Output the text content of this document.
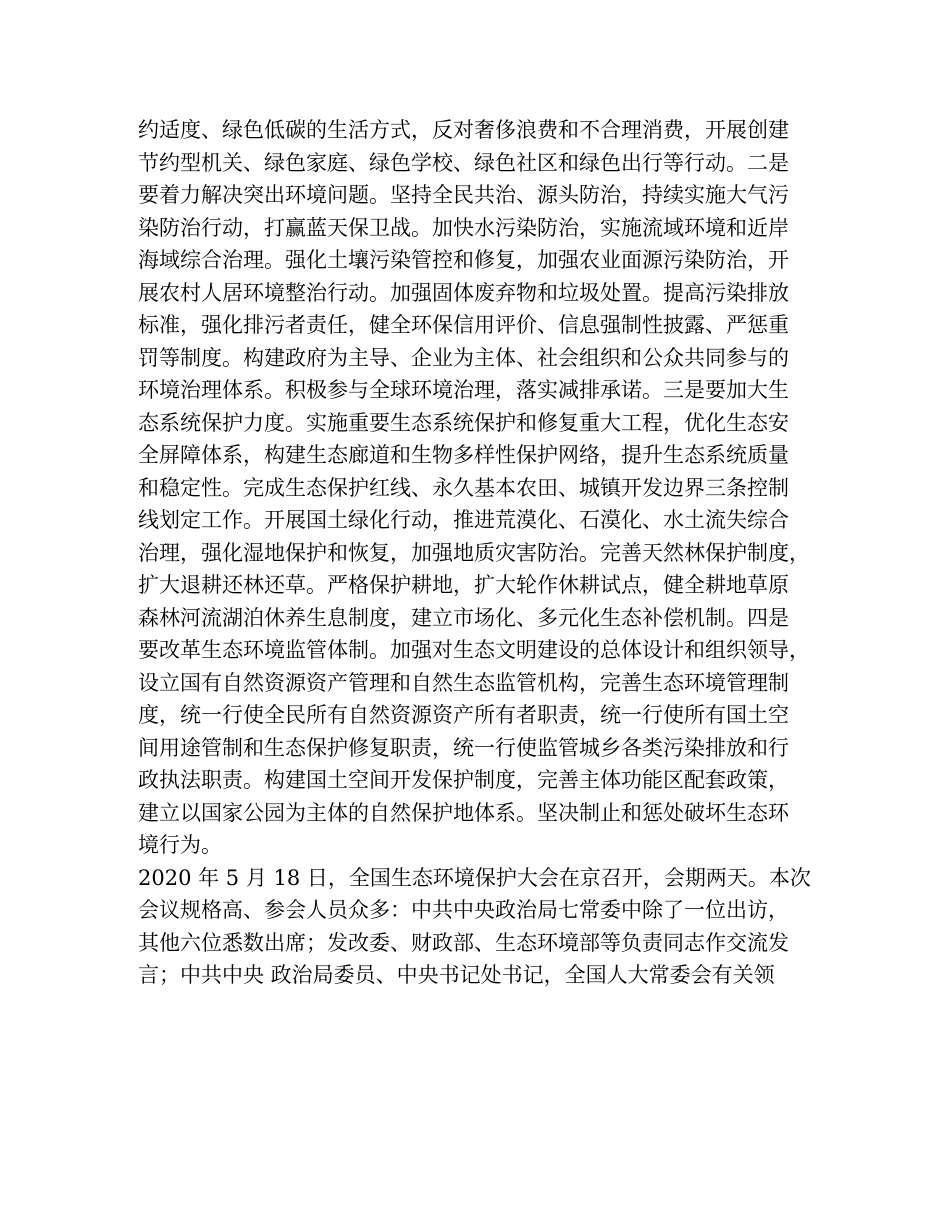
约适度、绿色低碳的生活方式，反对奢侈浪费和不合理消费，开展创建
节约型机关、绿色家庭、绿色学校、绿色社区和绿色出行等行动。二是
要着力解决突出环境问题。坚持全民共治、源头防治，持续实施大气污
染防治行动，打赢蓝天保卫战。加快水污染防治，实施流域环境和近岸
海域综合治理。强化土壤污染管控和修复，加强农业面源污染防治，开
展农村人居环境整治行动。加强固体废弃物和垃圾处置。提高污染排放
标准，强化排污者责任，健全环保信用评价、信息强制性披露、严惩重
罚等制度。构建政府为主导、企业为主体、社会组织和公众共同参与的
环境治理体系。积极参与全球环境治理，落实减排承诺。三是要加大生
态系统保护力度。实施重要生态系统保护和修复重大工程，优化生态安
全屏障体系，构建生态廊道和生物多样性保护网络，提升生态系统质量
和稳定性。完成生态保护红线、永久基本农田、城镇开发边界三条控制
线划定工作。开展国土绿化行动，推进荒漠化、石漠化、水土流失综合
治理，强化湿地保护和恢复，加强地质灾害防治。完善天然林保护制度，
扩大退耕还林还草。严格保护耕地，扩大轮作休耕试点，健全耕地草原
森林河流湖泊休养生息制度，建立市场化、多元化生态补偿机制。四是
要改革生态环境监管体制。加强对生态文明建设的总体设计和组织领导，
设立国有自然资源资产管理和自然生态监管机构，完善生态环境管理制
度，统一行使全民所有自然资源资产所有者职责，统一行使所有国土空
间用途管制和生态保护修复职责，统一行使监管城乡各类污染排放和行
政执法职责。构建国土空间开发保护制度，完善主体功能区配套政策，
建立以国家公园为主体的自然保护地体系。坚决制止和惩处破坏生态环
境行为。
2020 年 5 月 18 日，全国生态环境保护大会在京召开，会期两天。本次
会议规格高、参会人员众多：中共中央政治局七常委中除了一位出访，
其他六位悉数出席；发改委、财政部、生态环境部等负责同志作交流发
言；中共中央 政治局委员、中央书记处书记，全国人大常委会有关领
